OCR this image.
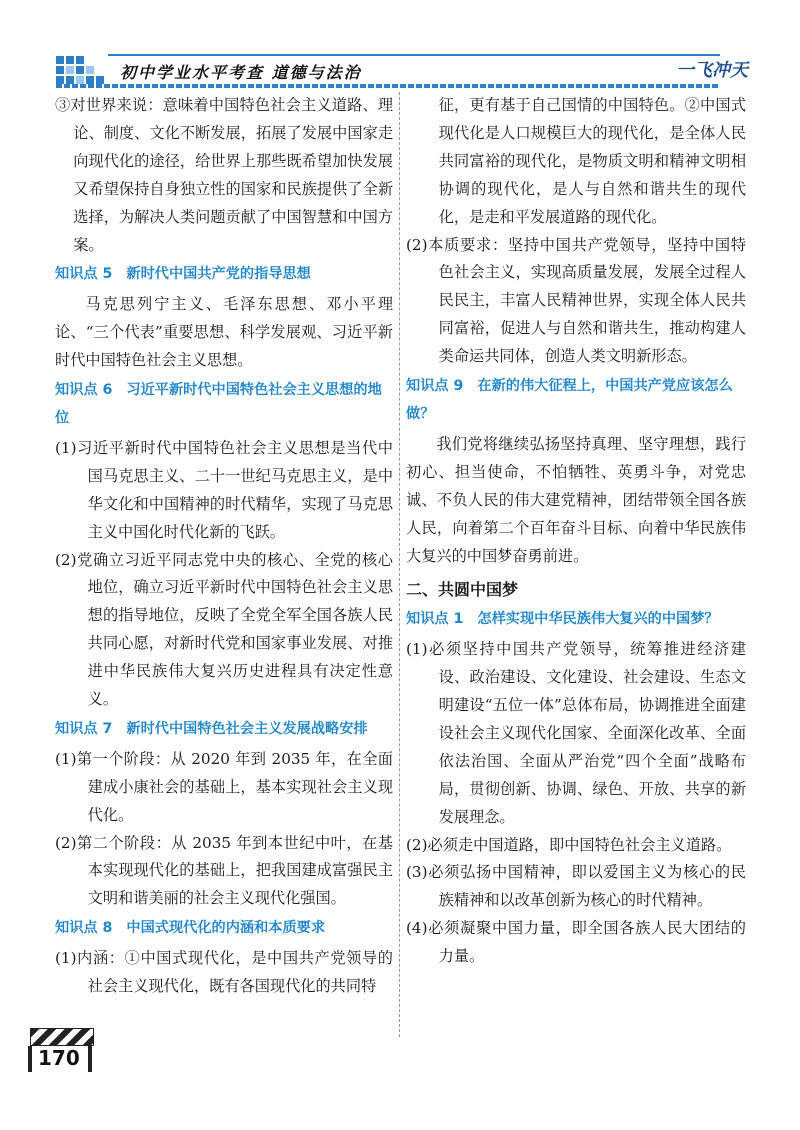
初中学业水平考查 道德与法治	一飞冲天

③对世界来说：意味着中国特色社会主义道路、理论、制度、文化不断发展，拓展了发展中国家走向现代化的途径，给世界上那些既希望加快发展又希望保持自身独立性的国家和民族提供了全新选择，为解决人类问题贡献了中国智慧和中国方案。

知识点 5 新时代中国共产党的指导思想

马克思列宁主义、毛泽东思想、邓小平理论、“三个代表”重要思想、科学发展观、习近平新时代中国特色社会主义思想。

知识点 6 习近平新时代中国特色社会主义思想的地位

(1)习近平新时代中国特色社会主义思想是当代中国马克思主义、二十一世纪马克思主义，是中华文化和中国精神的时代精华，实现了马克思主义中国化时代化新的飞跃。

(2)党确立习近平同志党中央的核心、全党的核心地位，确立习近平新时代中国特色社会主义思想的指导地位，反映了全党全军全国各族人民共同心愿，对新时代党和国家事业发展、对推进中华民族伟大复兴历史进程具有决定性意义。

知识点 7 新时代中国特色社会主义发展战略安排

(1)第一个阶段：从 2020 年到 2035 年，在全面建成小康社会的基础上，基本实现社会主义现代化。

(2)第二个阶段：从 2035 年到本世纪中叶，在基本实现现代化的基础上，把我国建成富强民主文明和谐美丽的社会主义现代化强国。

知识点 8 中国式现代化的内涵和本质要求

(1)内涵：①中国式现代化，是中国共产党领导的社会主义现代化，既有各国现代化的共同特

征，更有基于自己国情的中国特色。②中国式现代化是人口规模巨大的现代化，是全体人民共同富裕的现代化，是物质文明和精神文明相协调的现代化，是人与自然和谐共生的现代化，是走和平发展道路的现代化。

(2)本质要求：坚持中国共产党领导，坚持中国特色社会主义，实现高质量发展，发展全过程人民民主，丰富人民精神世界，实现全体人民共同富裕，促进人与自然和谐共生，推动构建人类命运共同体，创造人类文明新形态。

知识点 9 在新的伟大征程上，中国共产党应该怎么做？

我们党将继续弘扬坚持真理、坚守理想，践行初心、担当使命，不怕牺牲、英勇斗争，对党忠诚、不负人民的伟大建党精神，团结带领全国各族人民，向着第二个百年奋斗目标、向着中华民族伟大复兴的中国梦奋勇前进。

二、共圆中国梦
知识点 1 怎样实现中华民族伟大复兴的中国梦？

(1)必须坚持中国共产党领导，统筹推进经济建设、政治建设、文化建设、社会建设、生态文明建设“五位一体”总体布局，协调推进全面建设社会主义现代化国家、全面深化改革、全面依法治国、全面从严治党“四个全面”战略布局，贯彻创新、协调、绿色、开放、共享的新发展理念。

(2)必须走中国道路，即中国特色社会主义道路。

(3)必须弘扬中国精神，即以爱国主义为核心的民族精神和以改革创新为核心的时代精神。

(4)必须凝聚中国力量，即全国各族人民大团结的力量。

170
